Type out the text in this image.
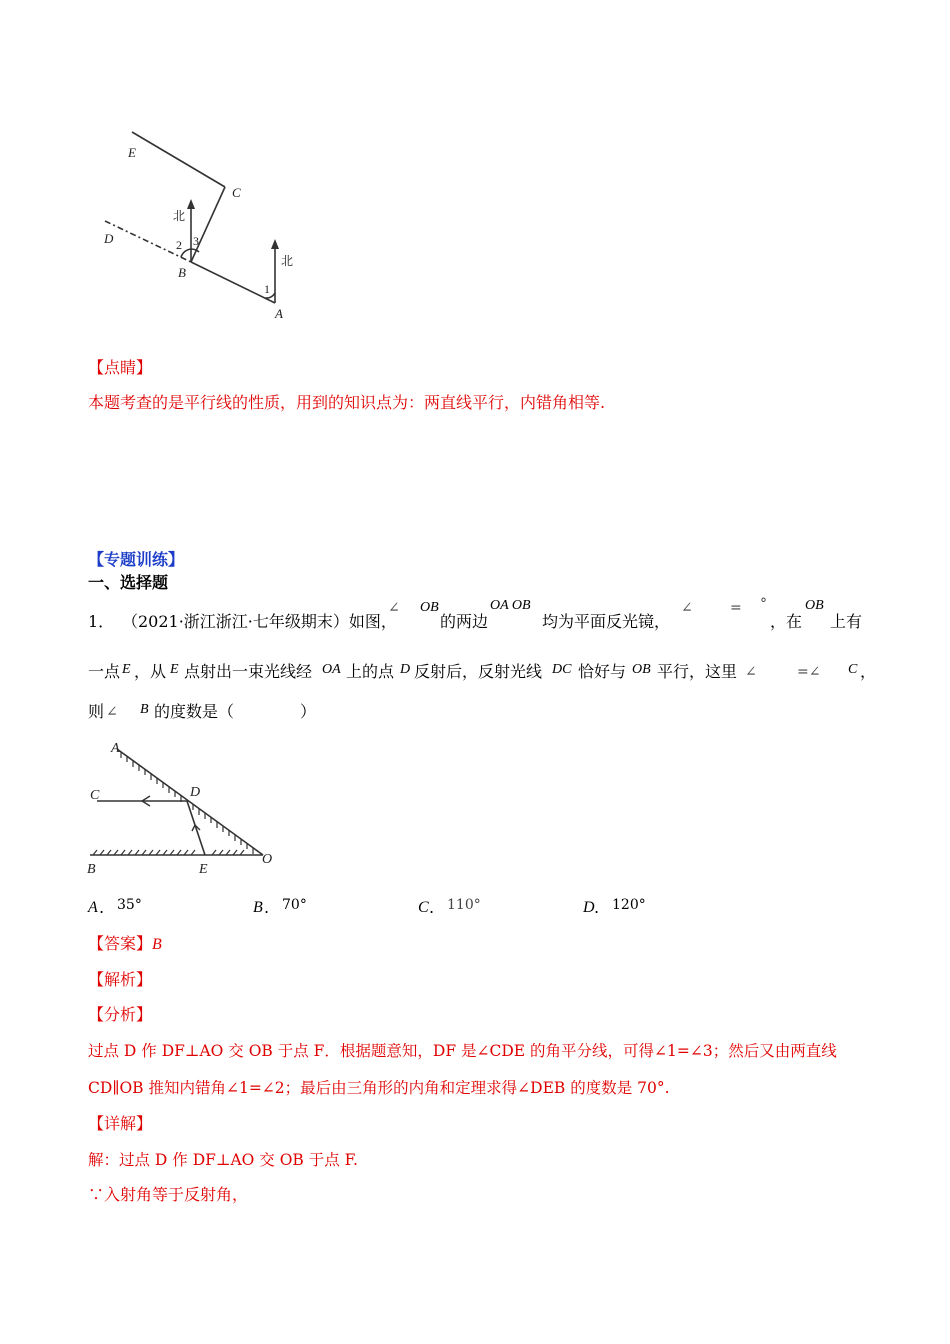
E
C
D
B
A
北
北
1
2 3
【点睛】
本题考查的是平行线的性质，用到的知识点为：两直线平行，内错角相等.
【专题训练】
一、选择题
1． （2021·浙江浙江·七年级期末）如图，
∠ OB
的两边
OA OB
均为平面反光镜，
∠	= °
，在
OB
上有
一点 E ，从 E 点射出一束光线经 OA 上的点 D 反射后，反射光线 DC 恰好与 OB 平行，这里 ∠	=∠ C ，
则 ∠ B 的度数是（	）
A
C	D
B	E
O
A . 35°	B . 70°	C . 110°	D . 120°
【答案】B
【解析】
【分析】
过点 D 作 DF⊥AO 交 OB 于点 F．根据题意知，DF 是∠CDE 的角平分线，可得∠1=∠3；然后又由两直线
CD∥OB 推知内错角∠1=∠2；最后由三角形的内角和定理求得∠DEB 的度数是 70°.
【详解】
解：过点 D 作 DF⊥AO 交 OB 于点 F.
∵入射角等于反射角，
